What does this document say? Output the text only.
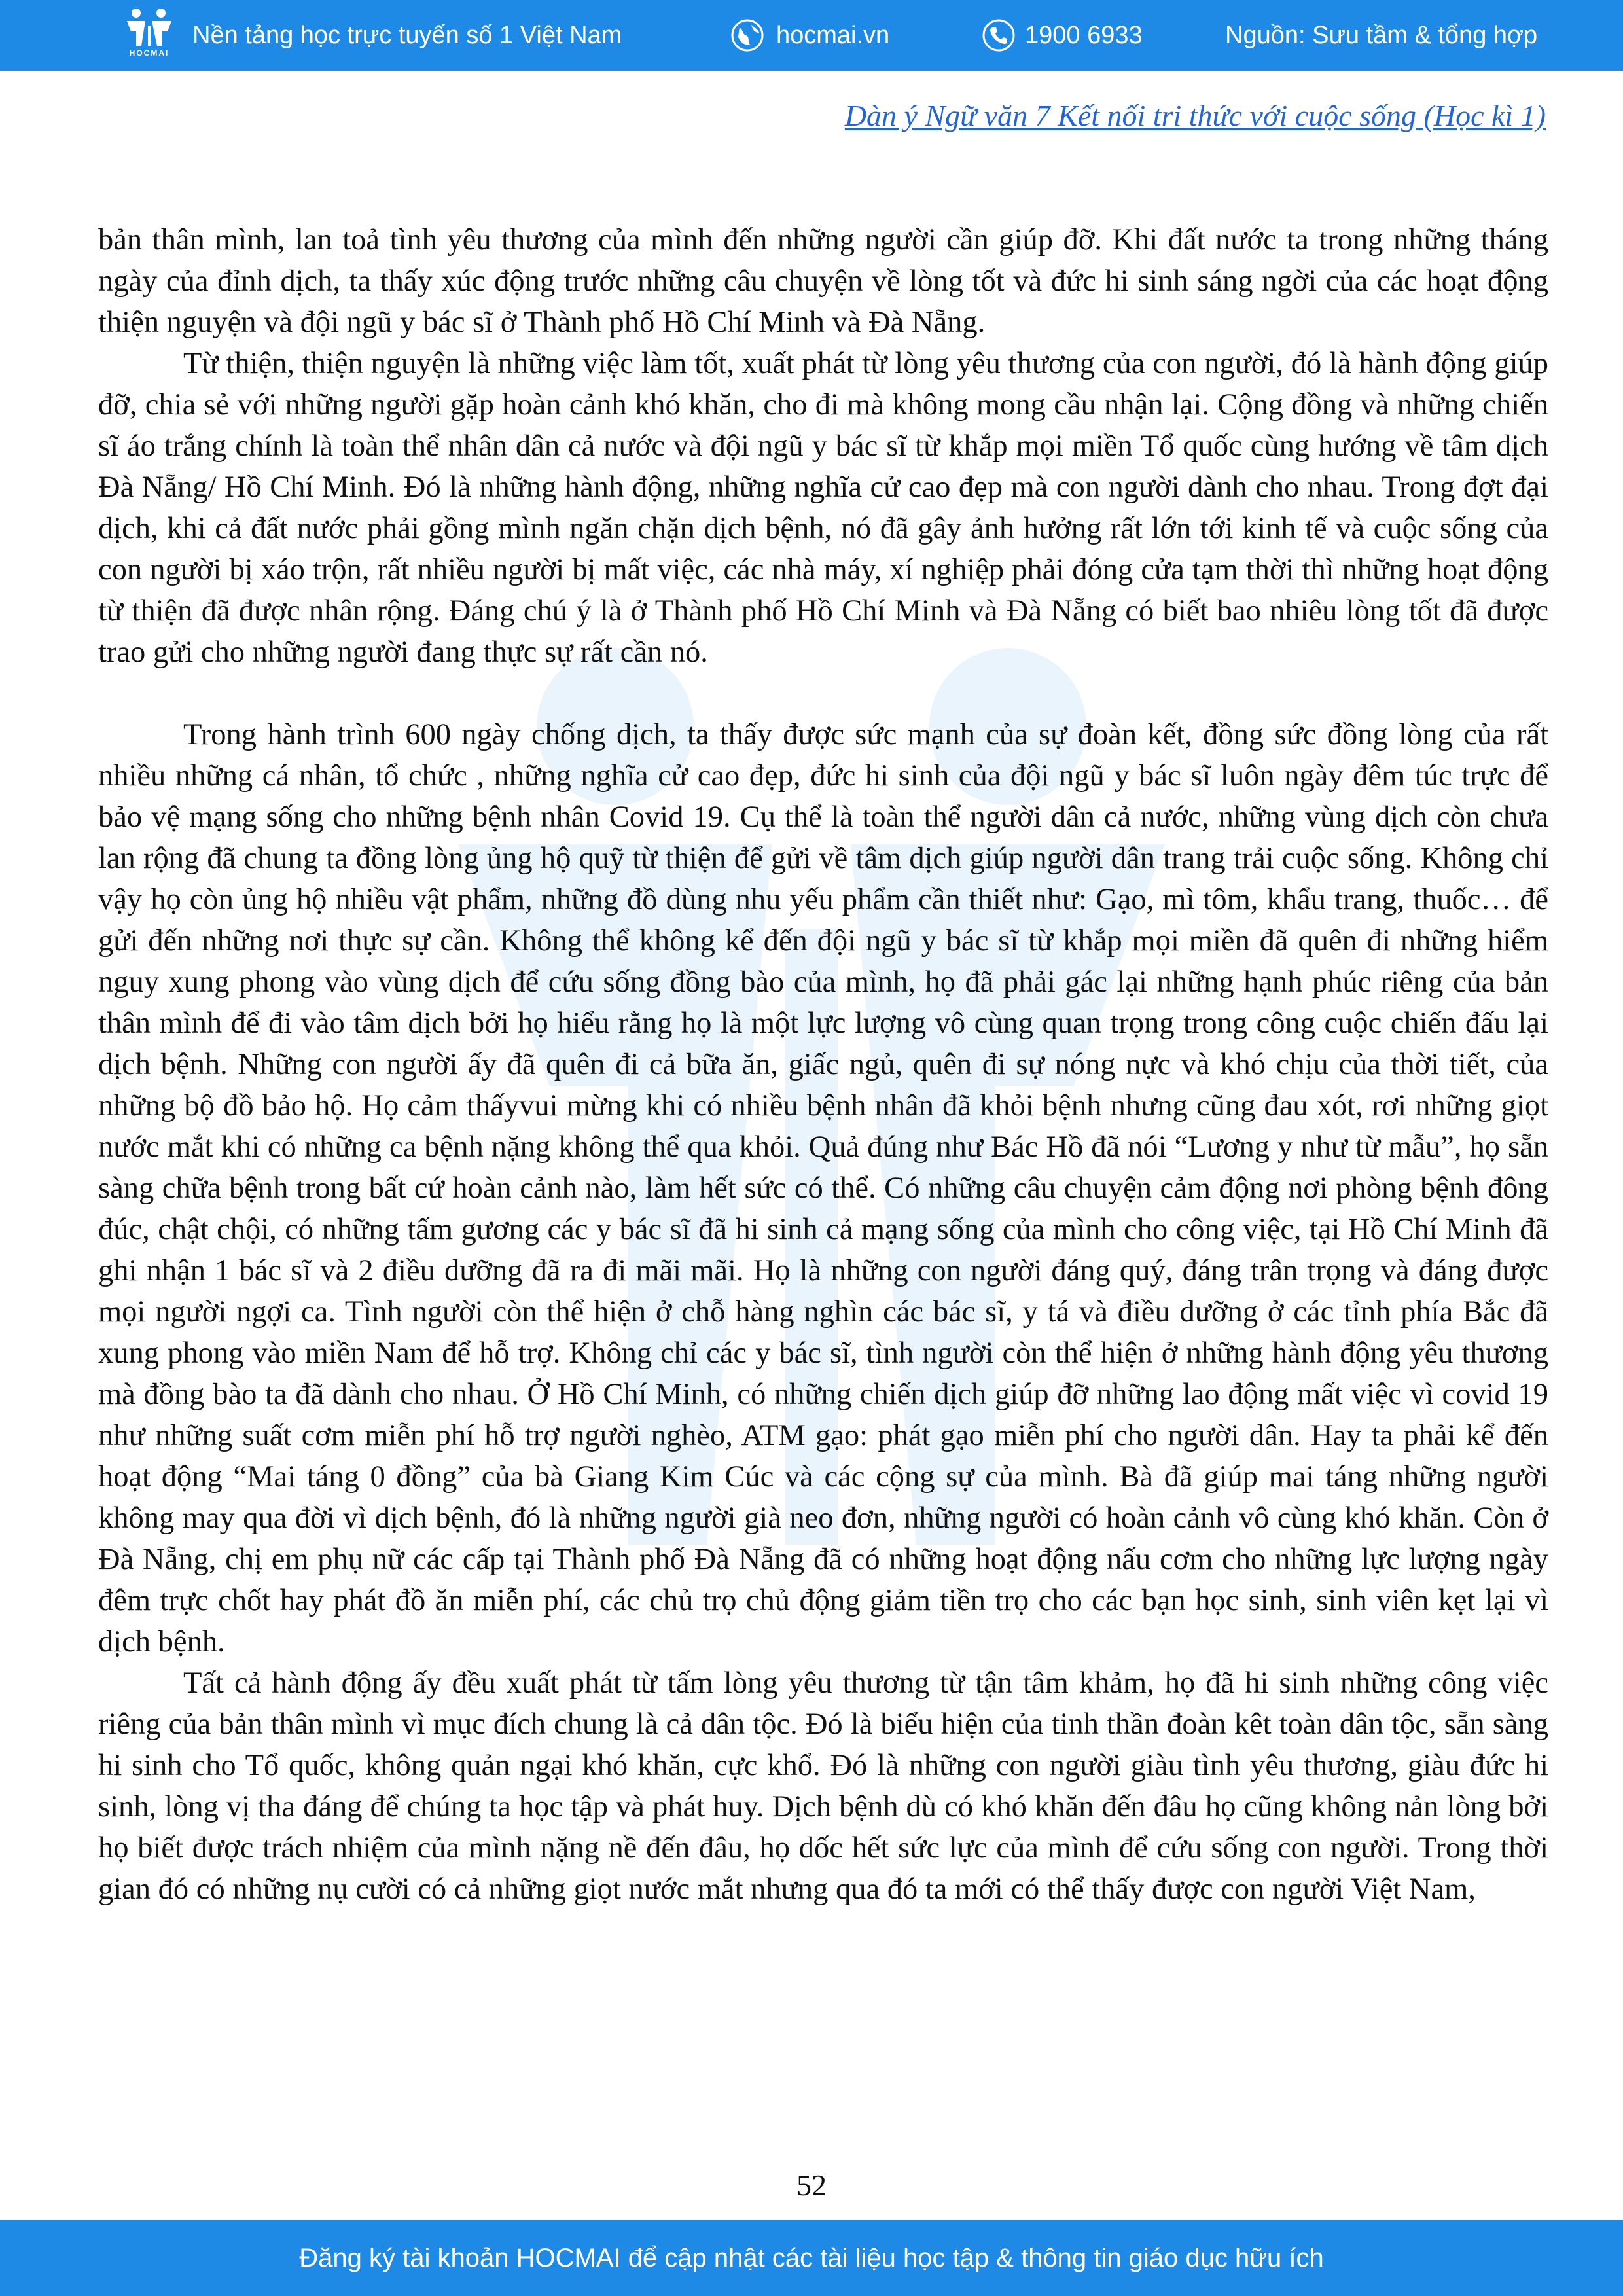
HOCMAI
Nền tảng học trực tuyến số 1 Việt Nam	hocmai.vn	1900 6933	Nguồn: Sưu tầm & tổng hợp
Dàn ý Ngữ văn 7 Kết nối tri thức với cuộc sống (Học kì 1)

bản thân mình, lan toả tình yêu thương của mình đến những người cần giúp đỡ. Khi đất nước ta trong những tháng ngày của đỉnh dịch, ta thấy xúc động trước những câu chuyện về lòng tốt và đức hi sinh sáng ngời của các hoạt động thiện nguyện và đội ngũ y bác sĩ ở Thành phố Hồ Chí Minh và Đà Nẵng.

Từ thiện, thiện nguyện là những việc làm tốt, xuất phát từ lòng yêu thương của con người, đó là hành động giúp đỡ, chia sẻ với những người gặp hoàn cảnh khó khăn, cho đi mà không mong cầu nhận lại. Cộng đồng và những chiến sĩ áo trắng chính là toàn thể nhân dân cả nước và đội ngũ y bác sĩ từ khắp mọi miền Tổ quốc cùng hướng về tâm dịch Đà Nẵng/ Hồ Chí Minh. Đó là những hành động, những nghĩa cử cao đẹp mà con người dành cho nhau. Trong đợt đại dịch, khi cả đất nước phải gồng mình ngăn chặn dịch bệnh, nó đã gây ảnh hưởng rất lớn tới kinh tế và cuộc sống của con người bị xáo trộn, rất nhiều người bị mất việc, các nhà máy, xí nghiệp phải đóng cửa tạm thời thì những hoạt động từ thiện đã được nhân rộng. Đáng chú ý là ở Thành phố Hồ Chí Minh và Đà Nẵng có biết bao nhiêu lòng tốt đã được trao gửi cho những người đang thực sự rất cần nó.

Trong hành trình 600 ngày chống dịch, ta thấy được sức mạnh của sự đoàn kết, đồng sức đồng lòng của rất nhiều những cá nhân, tổ chức , những nghĩa cử cao đẹp, đức hi sinh của đội ngũ y bác sĩ luôn ngày đêm túc trực để bảo vệ mạng sống cho những bệnh nhân Covid 19. Cụ thể là toàn thể người dân cả nước, những vùng dịch còn chưa lan rộng đã chung ta đồng lòng ủng hộ quỹ từ thiện để gửi về tâm dịch giúp người dân trang trải cuộc sống. Không chỉ vậy họ còn ủng hộ nhiều vật phẩm, những đồ dùng nhu yếu phẩm cần thiết như: Gạo, mì tôm, khẩu trang, thuốc… để gửi đến những nơi thực sự cần. Không thể không kể đến đội ngũ y bác sĩ từ khắp mọi miền đã quên đi những hiểm nguy xung phong vào vùng dịch để cứu sống đồng bào của mình, họ đã phải gác lại những hạnh phúc riêng của bản thân mình để đi vào tâm dịch bởi họ hiểu rằng họ là một lực lượng vô cùng quan trọng trong công cuộc chiến đấu lại dịch bệnh. Những con người ấy đã quên đi cả bữa ăn, giấc ngủ, quên đi sự nóng nực và khó chịu của thời tiết, của những bộ đồ bảo hộ. Họ cảm thấyvui mừng khi có nhiều bệnh nhân đã khỏi bệnh nhưng cũng đau xót, rơi những giọt nước mắt khi có những ca bệnh nặng không thể qua khỏi. Quả đúng như Bác Hồ đã nói “Lương y như từ mẫu”, họ sẵn sàng chữa bệnh trong bất cứ hoàn cảnh nào, làm hết sức có thể. Có những câu chuyện cảm động nơi phòng bệnh đông đúc, chật chội, có những tấm gương các y bác sĩ đã hi sinh cả mạng sống của mình cho công việc, tại Hồ Chí Minh đã ghi nhận 1 bác sĩ và 2 điều dưỡng đã ra đi mãi mãi. Họ là những con người đáng quý, đáng trân trọng và đáng được mọi người ngợi ca. Tình người còn thể hiện ở chỗ hàng nghìn các bác sĩ, y tá và điều dưỡng ở các tỉnh phía Bắc đã xung phong vào miền Nam để hỗ trợ. Không chỉ các y bác sĩ, tình người còn thể hiện ở những hành động yêu thương mà đồng bào ta đã dành cho nhau. Ở Hồ Chí Minh, có những chiến dịch giúp đỡ những lao động mất việc vì covid 19 như những suất cơm miễn phí hỗ trợ người nghèo, ATM gạo: phát gạo miễn phí cho người dân. Hay ta phải kể đến hoạt động “Mai táng 0 đồng” của bà Giang Kim Cúc và các cộng sự của mình. Bà đã giúp mai táng những người không may qua đời vì dịch bệnh, đó là những người già neo đơn, những người có hoàn cảnh vô cùng khó khăn. Còn ở Đà Nẵng, chị em phụ nữ các cấp tại Thành phố Đà Nẵng đã có những hoạt động nấu cơm cho những lực lượng ngày đêm trực chốt hay phát đồ ăn miễn phí, các chủ trọ chủ động giảm tiền trọ cho các bạn học sinh, sinh viên kẹt lại vì dịch bệnh.

Tất cả hành động ấy đều xuất phát từ tấm lòng yêu thương từ tận tâm khảm, họ đã hi sinh những công việc riêng của bản thân mình vì mục đích chung là cả dân tộc. Đó là biểu hiện của tinh thần đoàn kêt toàn dân tộc, sẵn sàng hi sinh cho Tổ quốc, không quản ngại khó khăn, cực khổ. Đó là những con người giàu tình yêu thương, giàu đức hi sinh, lòng vị tha đáng để chúng ta học tập và phát huy. Dịch bệnh dù có khó khăn đến đâu họ cũng không nản lòng bởi họ biết được trách nhiệm của mình nặng nề đến đâu, họ dốc hết sức lực của mình để cứu sống con người. Trong thời gian đó có những nụ cười có cả những giọt nước mắt nhưng qua đó ta mới có thể thấy được con người Việt Nam,

52
Đăng ký tài khoản HOCMAI để cập nhật các tài liệu học tập & thông tin giáo dục hữu ích
